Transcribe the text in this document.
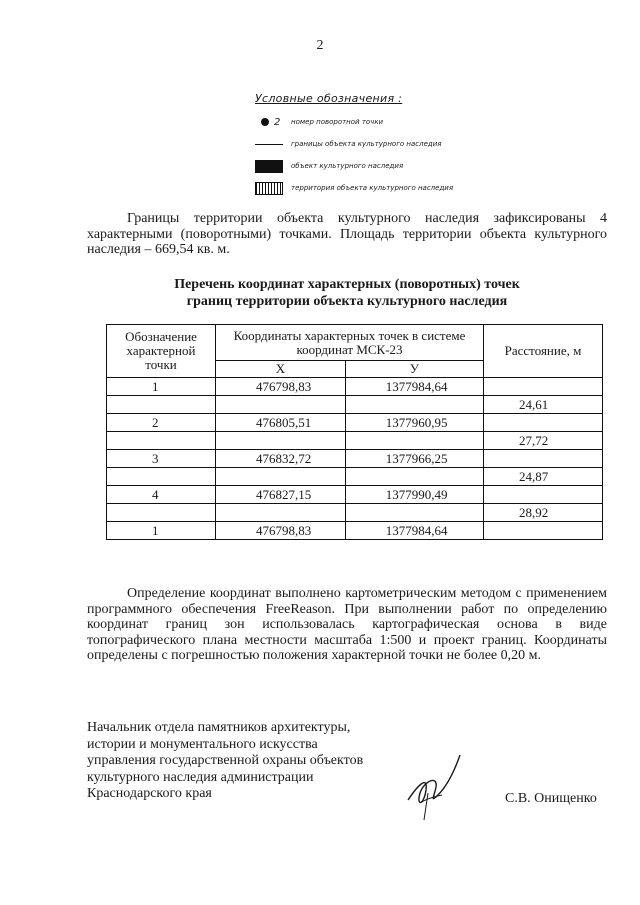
2
Условные обозначения :
2 номер поворотной точки
границы объекта культурного наследия
объект культурного наследия
территория объекта культурного наследия
Границы территории объекта культурного наследия зафиксированы 4 характерными (поворотными) точками. Площадь территории объекта культурного наследия – 669,54 кв. м.
Перечень координат характерных (поворотных) точек
границ территории объекта культурного наследия
Обозначение характерной точки	Координаты характерных точек в системе координат МСК-23		Расстояние, м
	X	У	
1	476798,83	1377984,64	
			24,61
2	476805,51	1377960,95	
			27,72
3	476832,72	1377966,25	
			24,87
4	476827,15	1377990,49	
			28,92
1	476798,83	1377984,64	
Определение координат выполнено картометрическим методом с применением программного обеспечения FreeReason. При выполнении работ по определению координат границ зон использовалась картографическая основа в виде топографического плана местности масштаба 1:500 и проект границ. Координаты определены с погрешностью положения характерной точки не более 0,20 м.
Начальник отдела памятников архитектуры,
истории и монументального искусства
управления государственной охраны объектов
культурного наследия администрации
Краснодарского края	С.В. Онищенко
